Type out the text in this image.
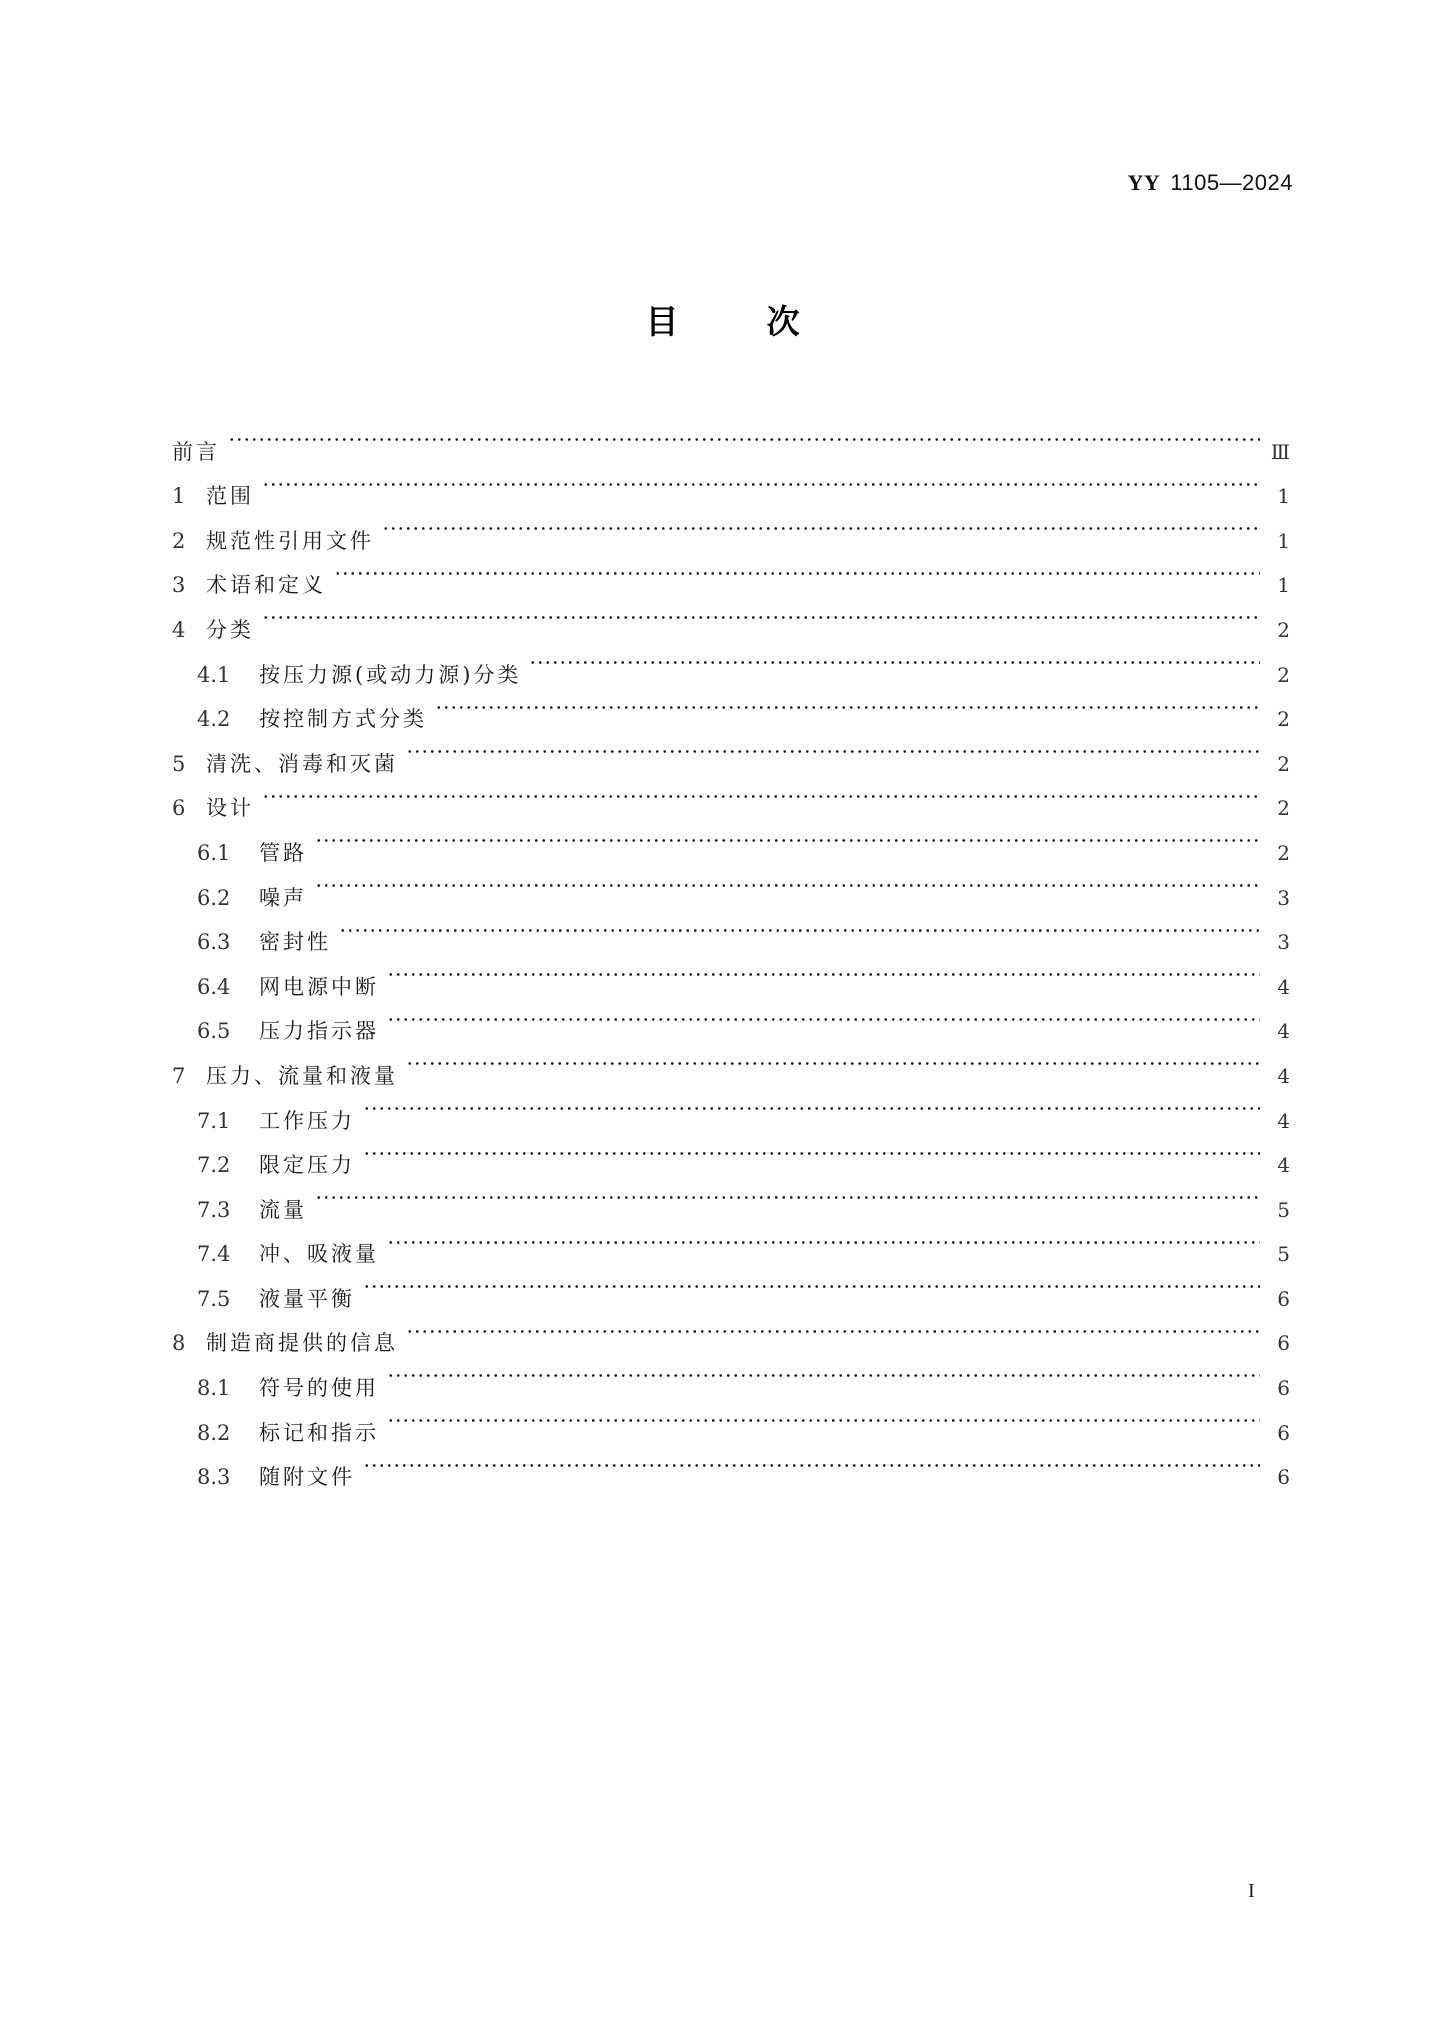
YY 1105—2024
目	次
前言	Ⅲ
1 范围	1
2 规范性引用文件	1
3 术语和定义	1
4 分类	2
4.1	按压力源(或动力源)分类	2
4.2	按控制方式分类	2
5 清洗、消毒和灭菌	2
6 设计	2
6.1	管路	2
6.2	噪声	3
6.3	密封性	3
6.4	网电源中断	4
6.5	压力指示器	4
7 压力、流量和液量	4
7.1	工作压力	4
7.2	限定压力	4
7.3	流量	5
7.4	冲、吸液量	5
7.5	液量平衡	6
8 制造商提供的信息	6
8.1	符号的使用	6
8.2	标记和指示	6
8.3	随附文件	6
I
